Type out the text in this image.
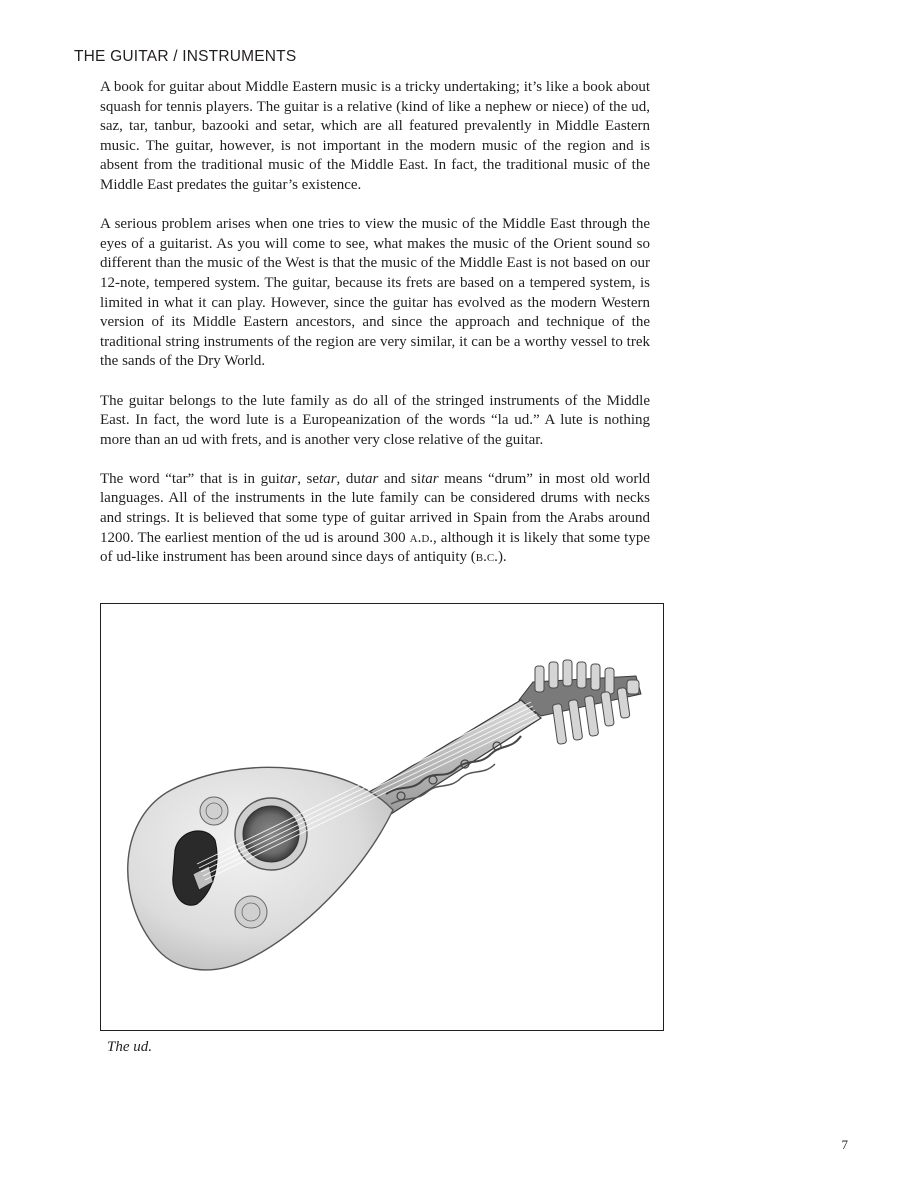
THE GUITAR / INSTRUMENTS

A book for guitar about Middle Eastern music is a tricky undertaking; it’s like a book about squash for tennis players. The guitar is a relative (kind of like a nephew or niece) of the ud, saz, tar, tanbur, bazooki and setar, which are all featured prevalently in Middle Eastern music. The guitar, however, is not important in the modern music of the region and is absent from the traditional music of the Middle East. In fact, the traditional music of the Middle East predates the guitar’s existence.

A serious problem arises when one tries to view the music of the Middle East through the eyes of a guitarist. As you will come to see, what makes the music of the Orient sound so different than the music of the West is that the music of the Middle East is not based on our 12-note, tempered system. The guitar, because its frets are based on a tempered system, is limited in what it can play. However, since the guitar has evolved as the modern Western version of its Middle Eastern ancestors, and since the approach and technique of the traditional string instruments of the region are very similar, it can be a worthy vessel to trek the sands of the Dry World.

The guitar belongs to the lute family as do all of the stringed instruments of the Middle East. In fact, the word lute is a Europeanization of the words “la ud.” A lute is nothing more than an ud with frets, and is another very close relative of the guitar.

The word “tar” that is in guitar, setar, dutar and sitar means “drum” in most old world languages. All of the instruments in the lute family can be considered drums with necks and strings. It is believed that some type of guitar arrived in Spain from the Arabs around 1200. The earliest mention of the ud is around 300 a.d., although it is likely that some type of ud-like instrument has been around since days of antiquity (b.c.).

The ud.
7
